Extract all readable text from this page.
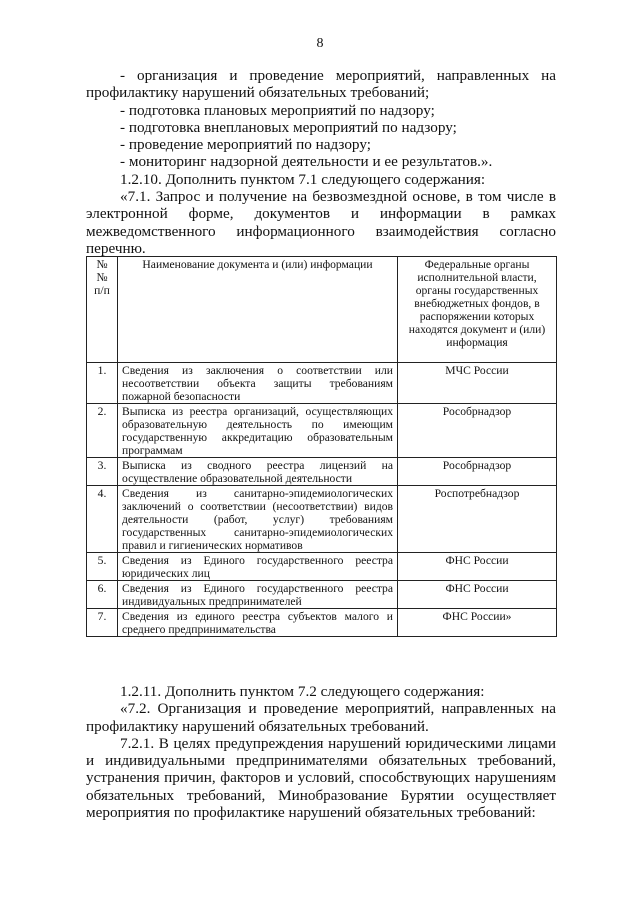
8

- организация и проведение мероприятий, направленных на профилактику нарушений обязательных требований;

- подготовка плановых мероприятий по надзору;

- подготовка внеплановых мероприятий по надзору;

- проведение мероприятий по надзору;

- мониторинг надзорной деятельности и ее результатов.».

1.2.10. Дополнить пунктом 7.1 следующего содержания:

«7.1. Запрос и получение на безвозмездной основе, в том числе в электронной форме, документов и информации в рамках межведомственного информационного взаимодействия согласно перечню.

№№ п/п	Наименование документа и (или) информации	Федеральные органы исполнительной власти, органы государственных внебюджетных фондов, в распоряжении которых находятся документ и (или) информация
1.	Сведения из заключения о соответствии или несоответствии объекта защиты требованиям пожарной безопасности	МЧС России
2.	Выписка из реестра организаций, осуществляющих образовательную деятельность по имеющим государственную аккредитацию образовательным программам	Рособрнадзор
3.	Выписка из сводного реестра лицензий на осуществление образовательной деятельности	Рособрнадзор
4.	Сведения из санитарно-эпидемиологических заключений о соответствии (несоответствии) видов деятельности (работ, услуг) требованиям государственных санитарно-эпидемиологических правил и гигиенических нормативов	Роспотребнадзор
5.	Сведения из Единого государственного реестра юридических лиц	ФНС России
6.	Сведения из Единого государственного реестра индивидуальных предпринимателей	ФНС России
7.	Сведения из единого реестра субъектов малого и среднего предпринимательства	ФНС России»

1.2.11. Дополнить пунктом 7.2 следующего содержания:

«7.2. Организация и проведение мероприятий, направленных на профилактику нарушений обязательных требований.

7.2.1. В целях предупреждения нарушений юридическими лицами и индивидуальными предпринимателями обязательных требований, устранения причин, факторов и условий, способствующих нарушениям обязательных требований, Минобразование Бурятии осуществляет мероприятия по профилактике нарушений обязательных требований:
